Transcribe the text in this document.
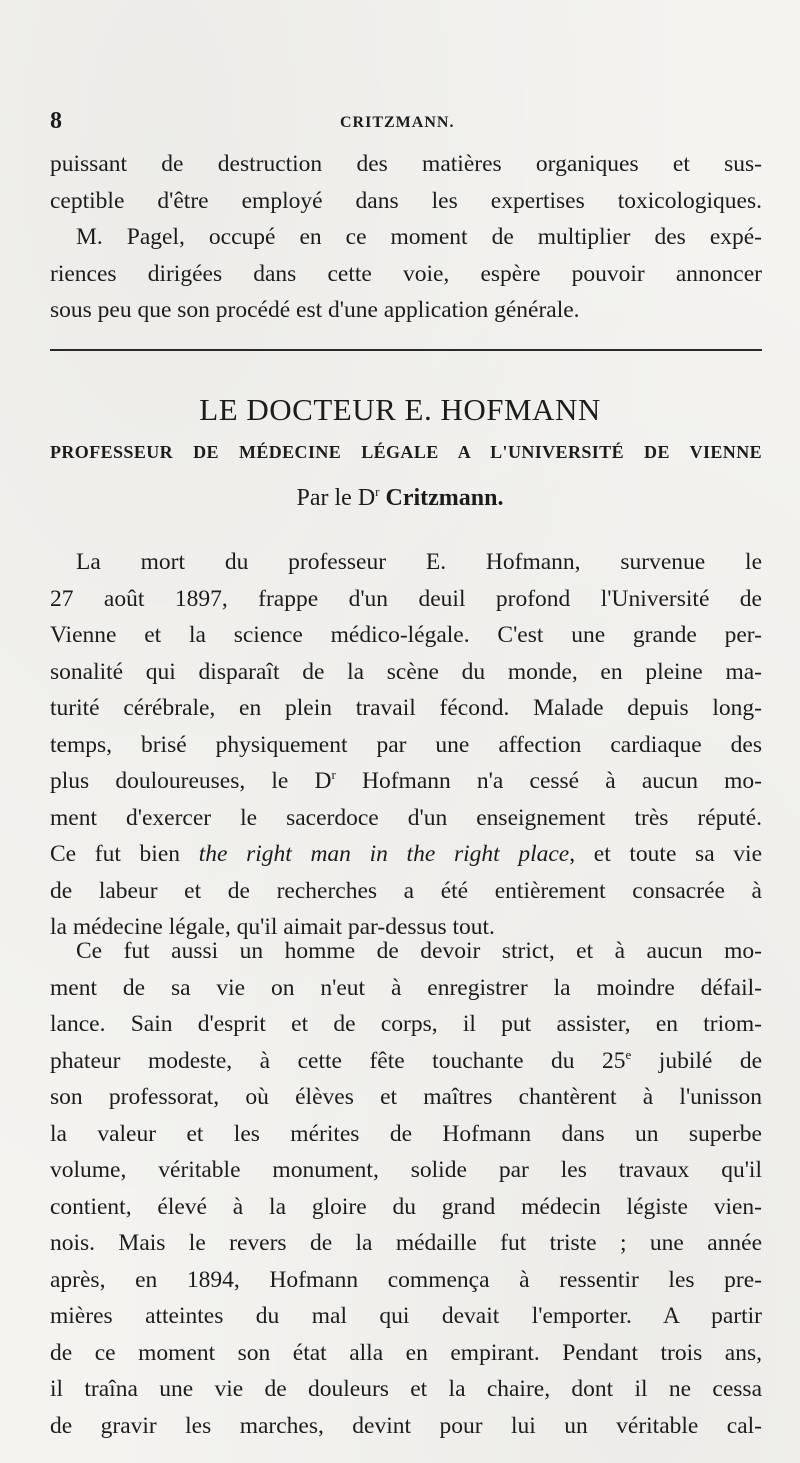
8	CRITZMANN.
puissant de destruction des matières organiques et sus-
ceptible d'être employé dans les expertises toxicologiques.
M. Pagel, occupé en ce moment de multiplier des expé-
riences dirigées dans cette voie, espère pouvoir annoncer
sous peu que son procédé est d'une application générale.
LE DOCTEUR E. HOFMANN
PROFESSEUR DE MÉDECINE LÉGALE A L'UNIVERSITÉ DE VIENNE
Par le $D^r$ Critzmann.
La mort du professeur E. Hofmann, survenue le
27 août 1897, frappe d'un deuil profond l'Université de
Vienne et la science médico-légale. C'est une grande per-
sonalité qui disparaît de la scène du monde, en pleine ma-
turité cérébrale, en plein travail fécond. Malade depuis long-
temps, brisé physiquement par une affection cardiaque des
plus douloureuses, le $D^r$ Hofmann n'a cessé à aucun mo-
ment d'exercer le sacerdoce d'un enseignement très réputé.
Ce fut bien the right man in the right place, et toute sa vie
de labeur et de recherches a été entièrement consacrée à
la médecine légale, qu'il aimait par-dessus tout.
Ce fut aussi un homme de devoir strict, et à aucun mo-
ment de sa vie on n'eut à enregistrer la moindre défail-
lance. Sain d'esprit et de corps, il put assister, en triom-
phateur modeste, à cette fête touchante du 25e jubilé de
son professorat, où élèves et maîtres chantèrent à l'unisson
la valeur et les mérites de Hofmann dans un superbe
volume, véritable monument, solide par les travaux qu'il
contient, élevé à la gloire du grand médecin légiste vien-
nois. Mais le revers de la médaille fut triste ; une année
après, en 1894, Hofmann commença à ressentir les pre-
mières atteintes du mal qui devait l'emporter. A partir
de ce moment son état alla en empirant. Pendant trois ans,
il traîna une vie de douleurs et la chaire, dont il ne cessa
de gravir les marches, devint pour lui un véritable cal-
